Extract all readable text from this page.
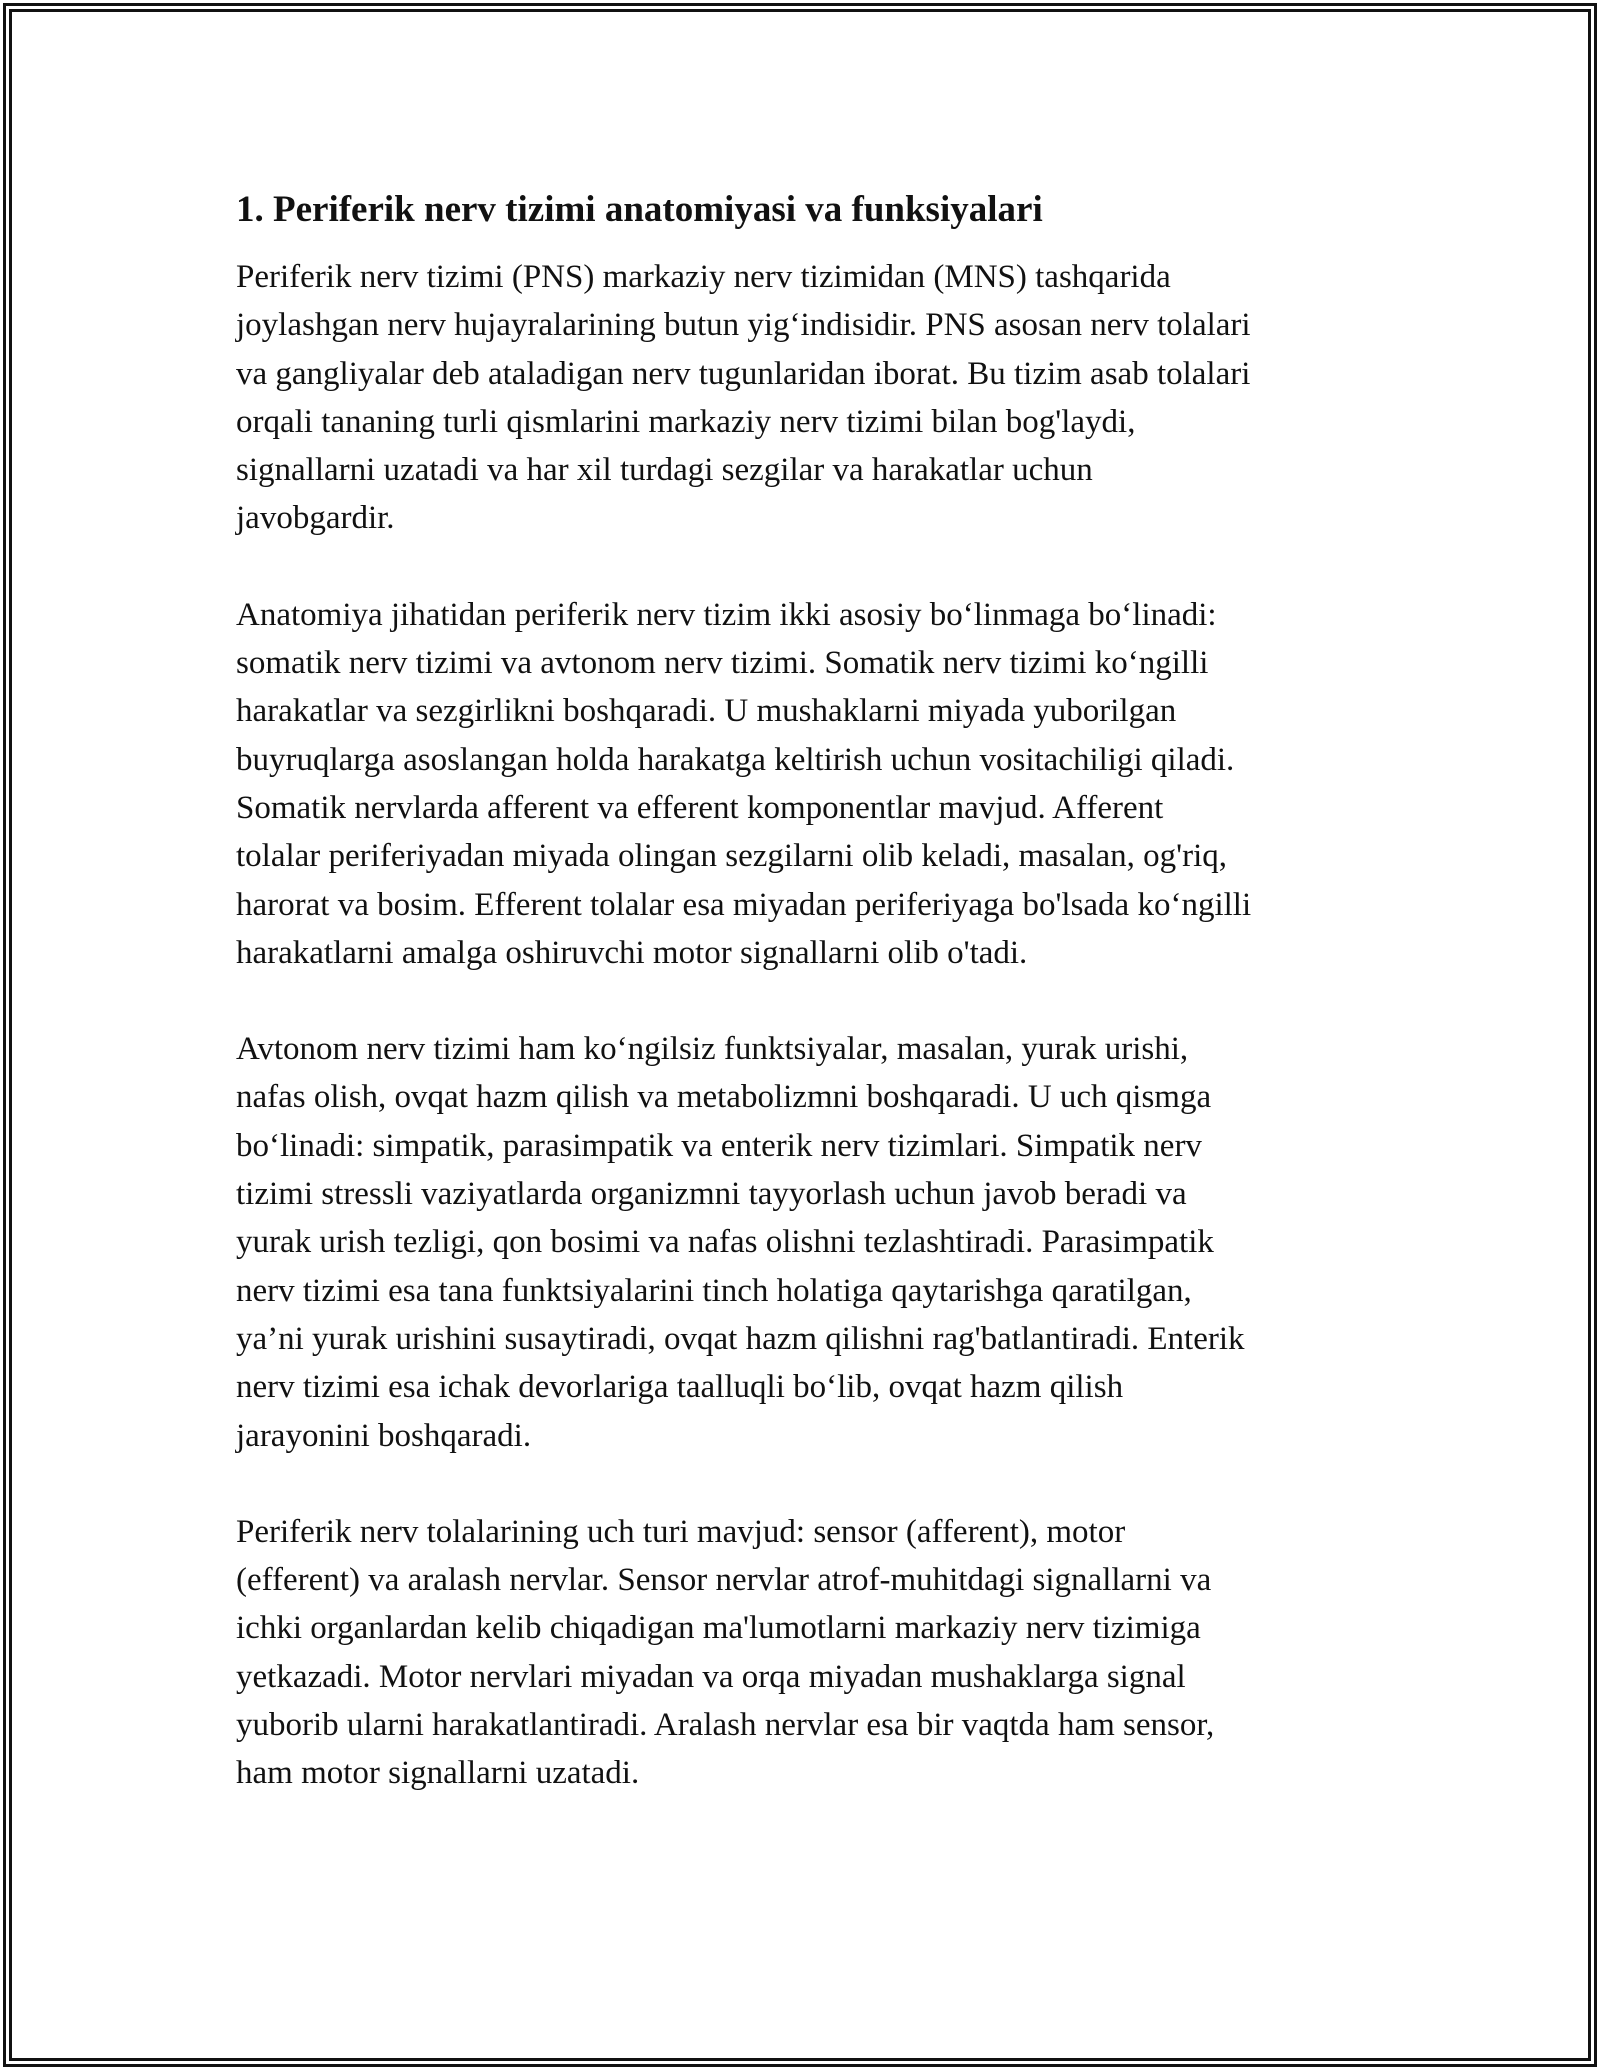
1. Periferik nerv tizimi anatomiyasi va funksiyalari

Periferik nerv tizimi (PNS) markaziy nerv tizimidan (MNS) tashqarida
joylashgan nerv hujayralarining butun yig‘indisidir. PNS asosan nerv tolalari
va gangliyalar deb ataladigan nerv tugunlaridan iborat. Bu tizim asab tolalari
orqali tananing turli qismlarini markaziy nerv tizimi bilan bog'laydi,
signallarni uzatadi va har xil turdagi sezgilar va harakatlar uchun
javobgardir.

Anatomiya jihatidan periferik nerv tizim ikki asosiy bo‘linmaga bo‘linadi:
somatik nerv tizimi va avtonom nerv tizimi. Somatik nerv tizimi ko‘ngilli
harakatlar va sezgirlikni boshqaradi. U mushaklarni miyada yuborilgan
buyruqlarga asoslangan holda harakatga keltirish uchun vositachiligi qiladi.
Somatik nervlarda afferent va efferent komponentlar mavjud. Afferent
tolalar periferiyadan miyada olingan sezgilarni olib keladi, masalan, og'riq,
harorat va bosim. Efferent tolalar esa miyadan periferiyaga bo'lsada ko‘ngilli
harakatlarni amalga oshiruvchi motor signallarni olib o'tadi.

Avtonom nerv tizimi ham ko‘ngilsiz funktsiyalar, masalan, yurak urishi,
nafas olish, ovqat hazm qilish va metabolizmni boshqaradi. U uch qismga
bo‘linadi: simpatik, parasimpatik va enterik nerv tizimlari. Simpatik nerv
tizimi stressli vaziyatlarda organizmni tayyorlash uchun javob beradi va
yurak urish tezligi, qon bosimi va nafas olishni tezlashtiradi. Parasimpatik
nerv tizimi esa tana funktsiyalarini tinch holatiga qaytarishga qaratilgan,
ya’ni yurak urishini susaytiradi, ovqat hazm qilishni rag'batlantiradi. Enterik
nerv tizimi esa ichak devorlariga taalluqli bo‘lib, ovqat hazm qilish
jarayonini boshqaradi.

Periferik nerv tolalarining uch turi mavjud: sensor (afferent), motor
(efferent) va aralash nervlar. Sensor nervlar atrof-muhitdagi signallarni va
ichki organlardan kelib chiqadigan ma'lumotlarni markaziy nerv tizimiga
yetkazadi. Motor nervlari miyadan va orqa miyadan mushaklarga signal
yuborib ularni harakatlantiradi. Aralash nervlar esa bir vaqtda ham sensor,
ham motor signallarni uzatadi.
